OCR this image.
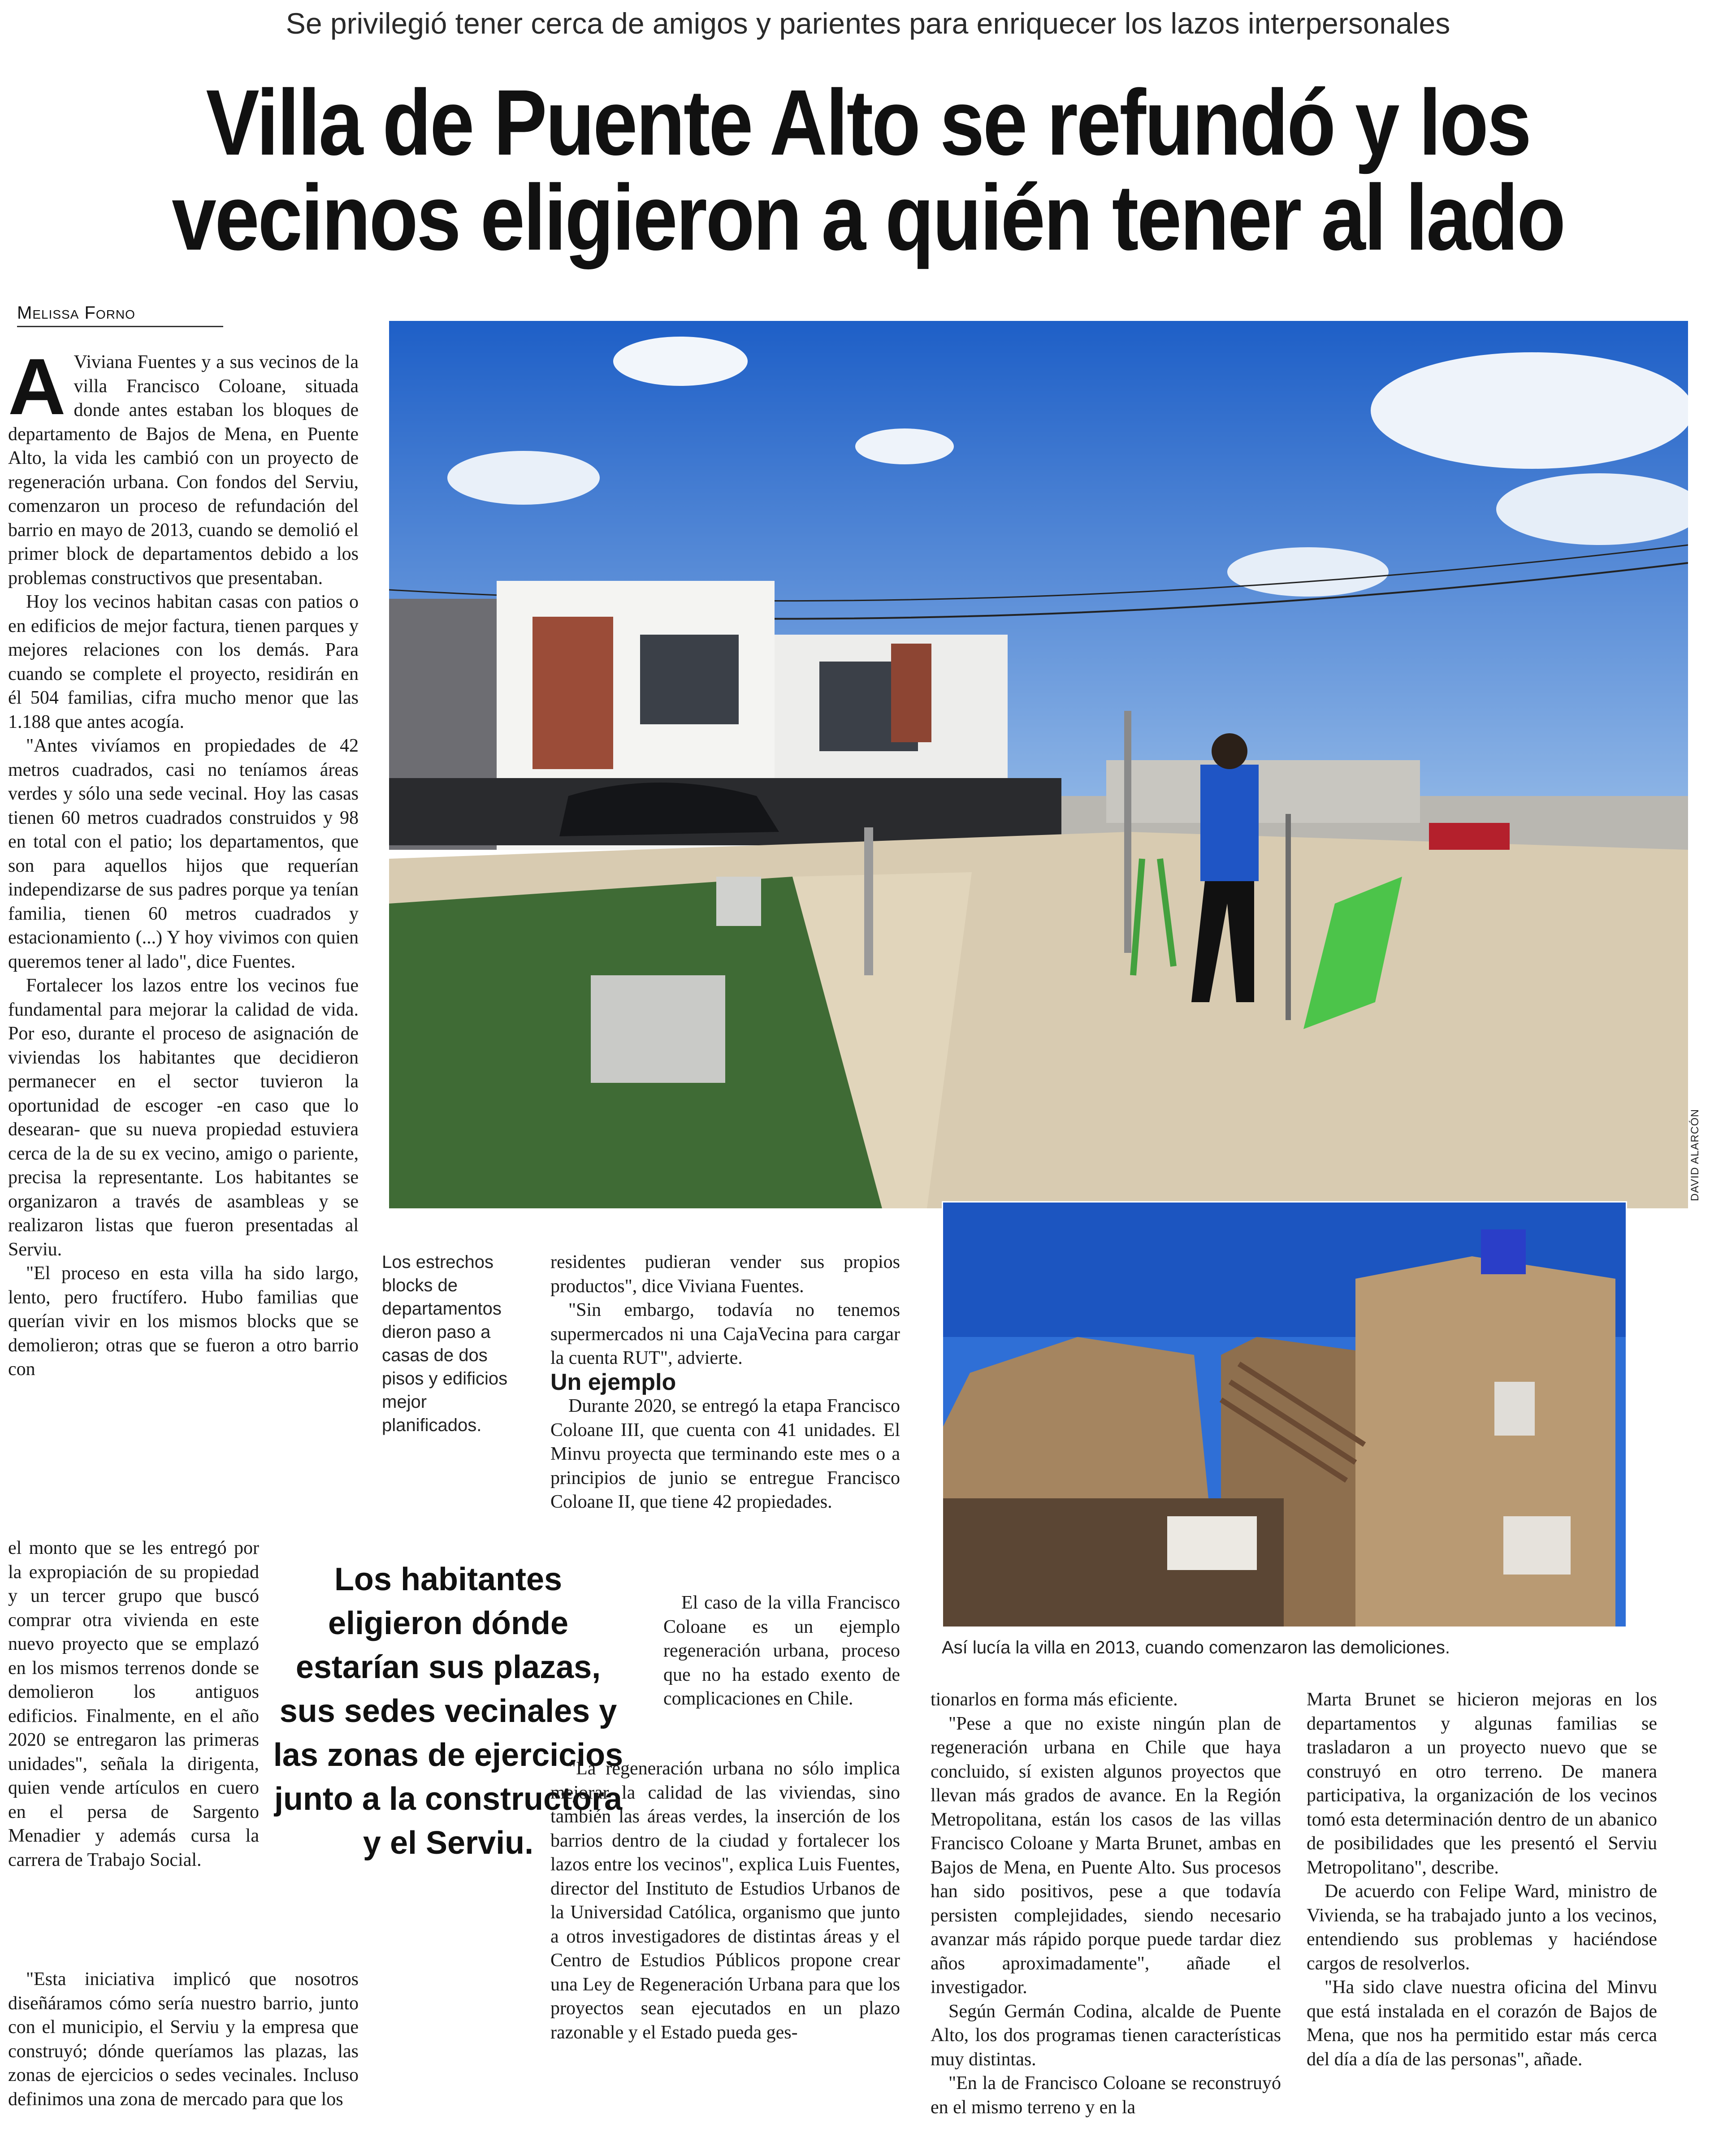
Se privilegió tener cerca de amigos y parientes para enriquecer los lazos interpersonales
Villa de Puente Alto se refundó y los
vecinos eligieron a quién tener al lado
Melissa Forno
DAVID ALARCÓN
Los estrechos blocks de departamentos dieron paso a casas de dos pisos y edificios mejor planificados.
Así lucía la villa en 2013, cuando comenzaron las demoliciones.
A Viviana Fuentes y a sus vecinos de la villa Francisco Coloane, situada donde antes estaban los bloques de departamento de Bajos de Mena, en Puente Alto, la vida les cambió con un proyecto de regeneración urbana. Con fondos del Serviu, comenzaron un proceso de refundación del barrio en mayo de 2013, cuando se demolió el primer block de departamentos debido a los problemas constructivos que presentaban.

Hoy los vecinos habitan casas con patios o en edificios de mejor factura, tienen parques y mejores relaciones con los demás. Para cuando se complete el proyecto, residirán en él 504 familias, cifra mucho menor que las 1.188 que antes acogía.

"Antes vivíamos en propiedades de 42 metros cuadrados, casi no teníamos áreas verdes y sólo una sede vecinal. Hoy las casas tienen 60 metros cuadrados construidos y 98 en total con el patio; los departamentos, que son para aquellos hijos que requerían independizarse de sus padres porque ya tenían familia, tienen 60 metros cuadrados y estacionamiento (...) Y hoy vivimos con quien queremos tener al lado", dice Fuentes.

Fortalecer los lazos entre los vecinos fue fundamental para mejorar la calidad de vida. Por eso, durante el proceso de asignación de viviendas los habitantes que decidieron permanecer en el sector tuvieron la oportunidad de escoger -en caso que lo desearan- que su nueva propiedad estuviera cerca de la de su ex vecino, amigo o pariente, precisa la representante. Los habitantes se organizaron a través de asambleas y se realizaron listas que fueron presentadas al Serviu.

"El proceso en esta villa ha sido largo, lento, pero fructífero. Hubo familias que querían vivir en los mismos blocks que se demolieron; otras que se fueron a otro barrio con

el monto que se les entregó por la expropiación de su propiedad y un tercer grupo que buscó comprar otra vivienda en este nuevo proyecto que se emplazó en los mismos terrenos donde se demolieron los antiguos edificios. Finalmente, en el año 2020 se entregaron las primeras unidades", señala la dirigenta, quien vende artículos en cuero en el persa de Sargento Menadier y además cursa la carrera de Trabajo Social.

"Esta iniciativa implicó que nosotros diseñáramos cómo sería nuestro barrio, junto con el municipio, el Serviu y la empresa que construyó; dónde queríamos las plazas, las zonas de ejercicios o sedes vecinales. Incluso definimos una zona de mercado para que los

Los habitantes eligieron dónde estarían sus plazas, sus sedes vecinales y las zonas de ejercicios junto a la constructora y el Serviu.

residentes pudieran vender sus propios productos", dice Viviana Fuentes.

"Sin embargo, todavía no tenemos supermercados ni una CajaVecina para cargar la cuenta RUT", advierte.

Un ejemplo

Durante 2020, se entregó la etapa Francisco Coloane III, que cuenta con 41 unidades. El Minvu proyecta que terminando este mes o a principios de junio se entregue Francisco Coloane II, que tiene 42 propiedades.

El caso de la villa Francisco Coloane es un ejemplo regeneración urbana, proceso que no ha estado exento de complicaciones en Chile.

"La regeneración urbana no sólo implica mejorar la calidad de las viviendas, sino también las áreas verdes, la inserción de los barrios dentro de la ciudad y fortalecer los lazos entre los vecinos", explica Luis Fuentes, director del Instituto de Estudios Urbanos de la Universidad Católica, organismo que junto a otros investigadores de distintas áreas y el Centro de Estudios Públicos propone crear una Ley de Regeneración Urbana para que los proyectos sean ejecutados en un plazo razonable y el Estado pueda ges-

tionarlos en forma más eficiente.

"Pese a que no existe ningún plan de regeneración urbana en Chile que haya concluido, sí existen algunos proyectos que llevan más grados de avance. En la Región Metropolitana, están los casos de las villas Francisco Coloane y Marta Brunet, ambas en Bajos de Mena, en Puente Alto. Sus procesos han sido positivos, pese a que todavía persisten complejidades, siendo necesario avanzar más rápido porque puede tardar diez años aproximadamente", añade el investigador.

Según Germán Codina, alcalde de Puente Alto, los dos programas tienen características muy distintas.

"En la de Francisco Coloane se reconstruyó en el mismo terreno y en la

Marta Brunet se hicieron mejoras en los departamentos y algunas familias se trasladaron a un proyecto nuevo que se construyó en otro terreno. De manera participativa, la organización de los vecinos tomó esta determinación dentro de un abanico de posibilidades que les presentó el Serviu Metropolitano", describe.

De acuerdo con Felipe Ward, ministro de Vivienda, se ha trabajado junto a los vecinos, entendiendo sus problemas y haciéndose cargos de resolverlos.

"Ha sido clave nuestra oficina del Minvu que está instalada en el corazón de Bajos de Mena, que nos ha permitido estar más cerca del día a día de las personas", añade.
